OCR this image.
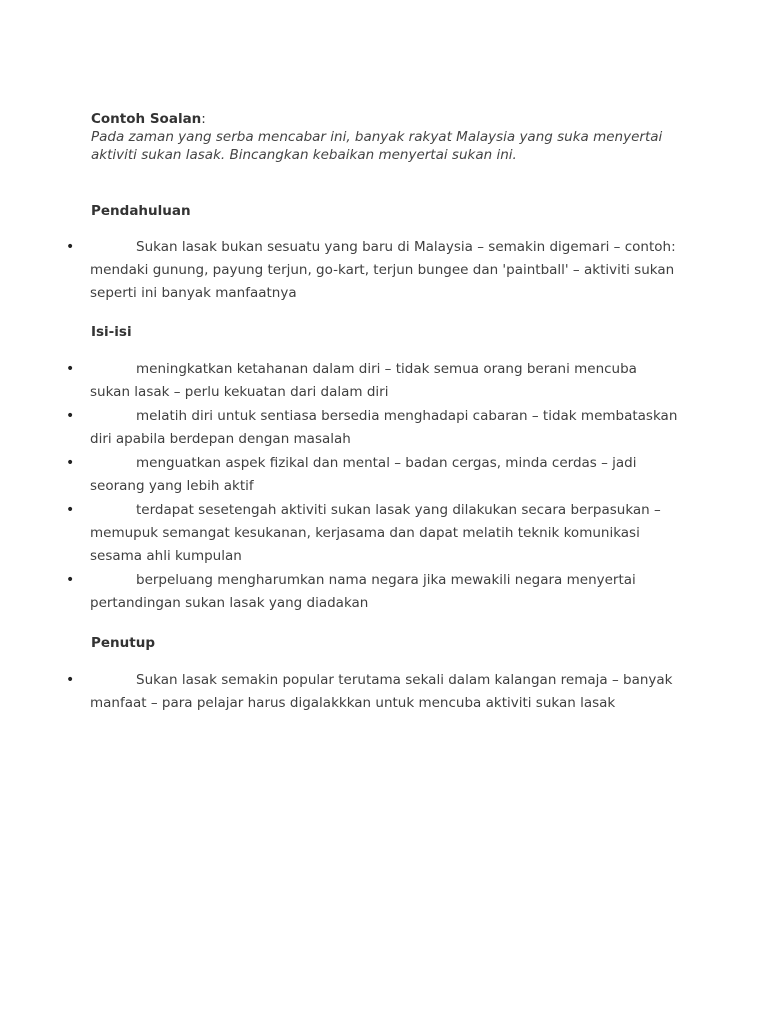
Contoh Soalan:
Pada zaman yang serba mencabar ini, banyak rakyat Malaysia yang suka menyertai aktiviti sukan lasak. Bincangkan kebaikan menyertai sukan ini.
Pendahuluan
•	Sukan lasak bukan sesuatu yang baru di Malaysia – semakin digemari – contoh: mendaki gunung, payung terjun, go-kart, terjun bungee dan 'paintball' – aktiviti sukan seperti ini banyak manfaatnya
Isi-isi
•	meningkatkan ketahanan dalam diri – tidak semua orang berani mencuba sukan lasak – perlu kekuatan dari dalam diri
•	melatih diri untuk sentiasa bersedia menghadapi cabaran – tidak membataskan diri apabila berdepan dengan masalah
•	menguatkan aspek fizikal dan mental – badan cergas, minda cerdas – jadi seorang yang lebih aktif
•	terdapat sesetengah aktiviti sukan lasak yang dilakukan secara berpasukan – memupuk semangat kesukanan, kerjasama dan dapat melatih teknik komunikasi sesama ahli kumpulan
•	berpeluang mengharumkan nama negara jika mewakili negara menyertai pertandingan sukan lasak yang diadakan
Penutup
•	Sukan lasak semakin popular terutama sekali dalam kalangan remaja – banyak manfaat – para pelajar harus digalakkkan untuk mencuba aktiviti sukan lasak
